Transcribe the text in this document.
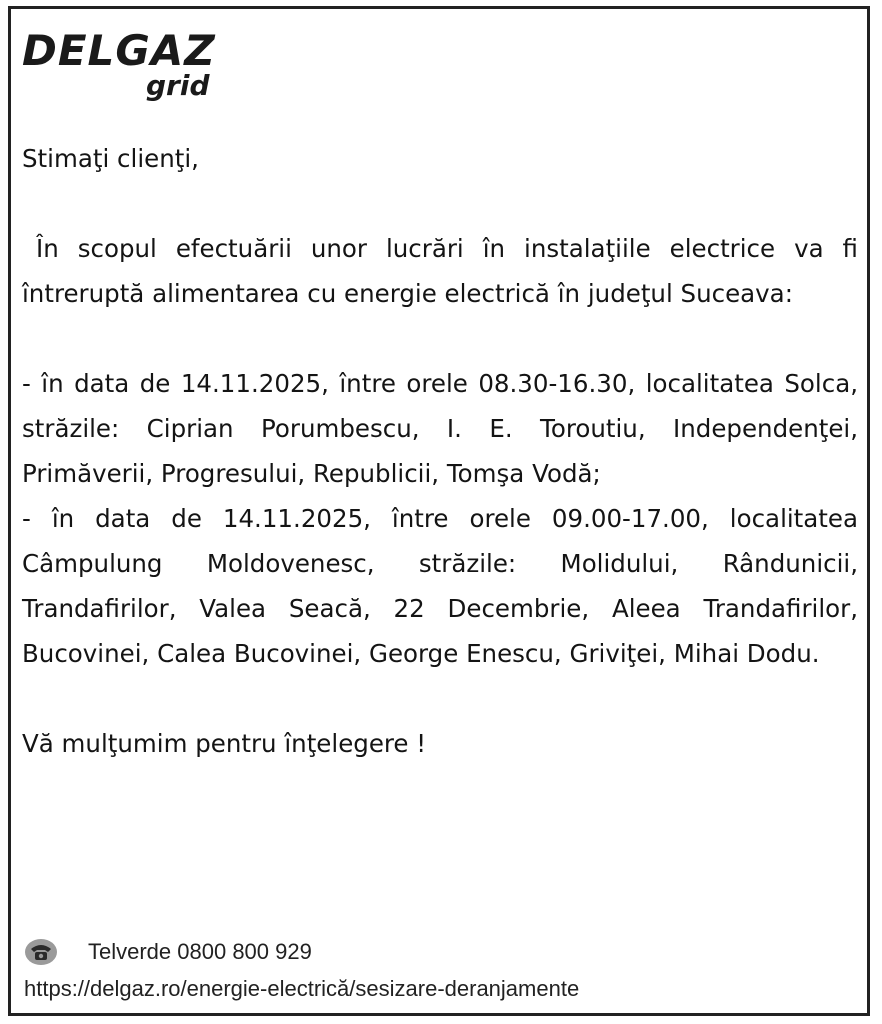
DELGAZ
grid

Stimaţi clienţi,

În scopul efectuării unor lucrări în instalaţiile electrice va fi întreruptă alimentarea cu energie electrică în judeţul Suceava:

- în data de 14.11.2025, între orele 08.30-16.30, localitatea Solca, străzile: Ciprian Porumbescu, I. E. Toroutiu, Independenţei, Primăverii, Progresului, Republicii, Tomşa Vodă;

- în data de 14.11.2025, între orele 09.00-17.00, localitatea Câmpulung Moldovenesc, străzile: Molidului, Rândunicii, Trandafirilor, Valea Seacă, 22 Decembrie, Aleea Trandafirilor, Bucovinei, Calea Bucovinei, George Enescu, Griviţei, Mihai Dodu.

Vă mulţumim pentru înţelegere !

Telverde 0800 800 929
https://delgaz.ro/energie-electrică/sesizare-deranjamente
